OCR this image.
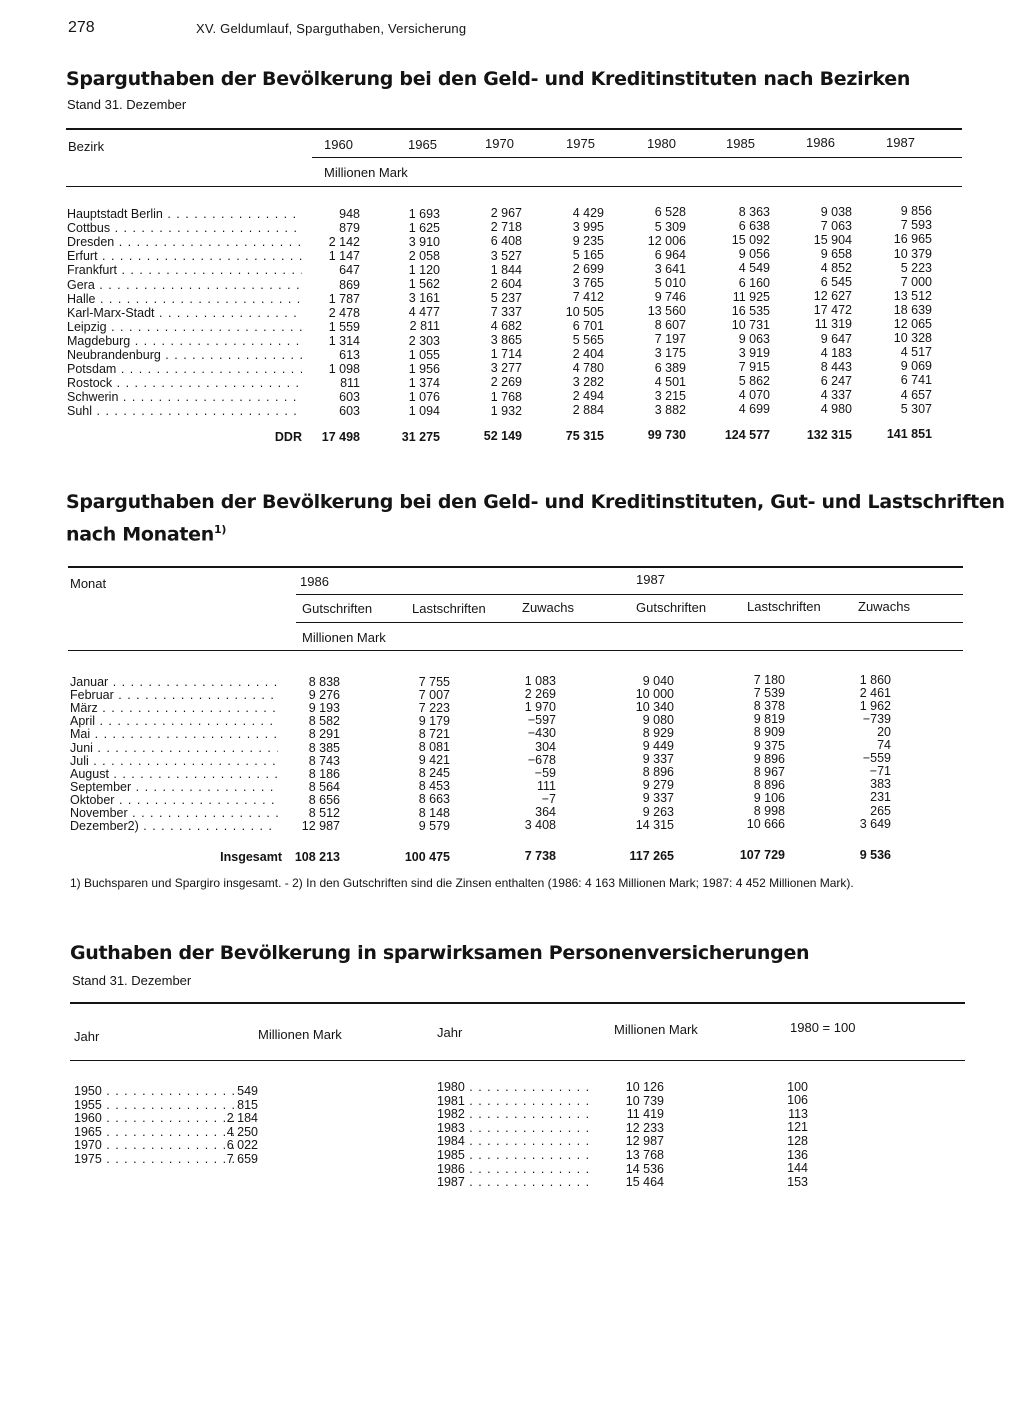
278	XV. Geldumlauf, Sparguthaben, Versicherung
Sparguthaben der Bevölkerung bei den Geld- und Kreditinstituten nach Bezirken
Stand 31. Dezember
Bezirk	1960	1965	1970	1975	1980	1985	1986	1987
Millionen Mark
Hauptstadt Berlin . . .	948	1 693	2 967	4 429	6 528	8 363	9 038	9 856
Cottbus . . .	879	1 625	2 718	3 995	5 309	6 638	7 063	7 593
Dresden . . .	2 142	3 910	6 408	9 235	12 006	15 092	15 904	16 965
Erfurt . . .	1 147	2 058	3 527	5 165	6 964	9 056	9 658	10 379
Frankfurt . . .	647	1 120	1 844	2 699	3 641	4 549	4 852	5 223
Gera . . .	869	1 562	2 604	3 765	5 010	6 160	6 545	7 000
Halle . . .	1 787	3 161	5 237	7 412	9 746	11 925	12 627	13 512
Karl-Marx-Stadt . . .	2 478	4 477	7 337	10 505	13 560	16 535	17 472	18 639
Leipzig . . .	1 559	2 811	4 682	6 701	8 607	10 731	11 319	12 065
Magdeburg . . .	1 314	2 303	3 865	5 565	7 197	9 063	9 647	10 328
Neubrandenburg . . .	613	1 055	1 714	2 404	3 175	3 919	4 183	4 517
Potsdam . . .	1 098	1 956	3 277	4 780	6 389	7 915	8 443	9 069
Rostock . . .	811	1 374	2 269	3 282	4 501	5 862	6 247	6 741
Schwerin . . .	603	1 076	1 768	2 494	3 215	4 070	4 337	4 657
Suhl . . .	603	1 094	1 932	2 884	3 882	4 699	4 980	5 307
DDR	17 498	31 275	52 149	75 315	99 730	124 577	132 315	141 851
Sparguthaben der Bevölkerung bei den Geld- und Kreditinstituten, Gut- und Lastschriften
nach Monaten$^{1)}$
Monat	1986	1987
Gutschriften	Lastschriften	Zuwachs	Gutschriften	Lastschriften	Zuwachs
Millionen Mark
Januar . . .	8 838	7 755	1 083	9 040	7 180	1 860
Februar . . .	9 276	7 007	2 269	10 000	7 539	2 461
März . . .	9 193	7 223	1 970	10 340	8 378	1 962
April . . .	8 582	9 179	−597	9 080	9 819	−739
Mai . . .	8 291	8 721	−430	8 929	8 909	20
Juni . . .	8 385	8 081	304	9 449	9 375	74
Juli . . .	8 743	9 421	−678	9 337	9 896	−559
August . . .	8 186	8 245	−59	8 896	8 967	−71
September . . .	8 564	8 453	111	9 279	8 896	383
Oktober . . .	8 656	8 663	−7	9 337	9 106	231
November . . .	8 512	8 148	364	9 263	8 998	265
Dezember2) . . .	12 987	9 579	3 408	14 315	10 666	3 649
Insgesamt	108 213	100 475	7 738	117 265	107 729	9 536
1) Buchsparen und Spargiro insgesamt. - 2) In den Gutschriften sind die Zinsen enthalten (1986: 4 163 Millionen Mark; 1987: 4 452 Millionen Mark).
Guthaben der Bevölkerung in sparwirksamen Personenversicherungen
Stand 31. Dezember
Jahr	Millionen Mark	Jahr	Millionen Mark	1980 = 100
1950 . . .	549
1955 . . .	815
1960 . . .	2 184
1965 . . .	4 250
1970 . . .	6 022
1975 . . .	7 659
1980 . . .	10 126	100
1981 . . .	10 739	106
1982 . . .	11 419	113
1983 . . .	12 233	121
1984 . . .	12 987	128
1985 . . .	13 768	136
1986 . . .	14 536	144
1987 . . .	15 464	153
